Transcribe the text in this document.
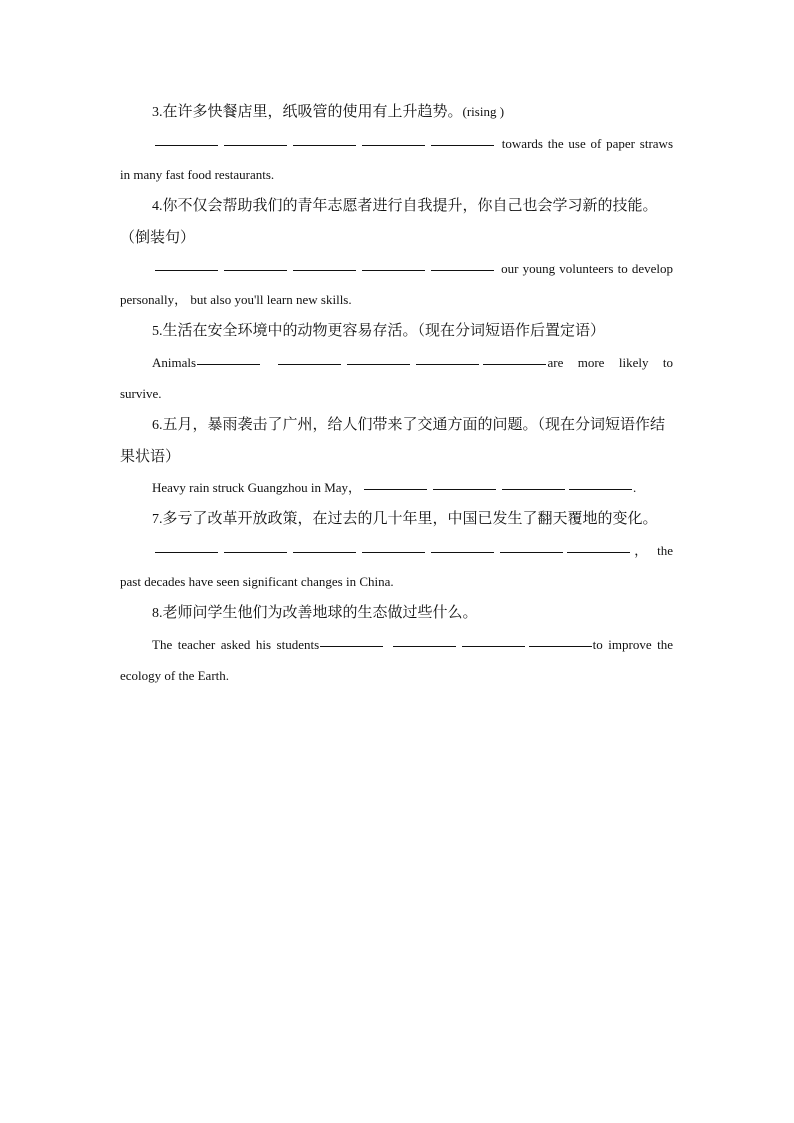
3.在许多快餐店里，纸吸管的使用有上升趋势。(rising )

towards the use of paper straws in many fast food restaurants.

4.你不仅会帮助我们的青年志愿者进行自我提升，你自己也会学习新的技能。（倒装句）

our young volunteers to develop personally， but also you'll learn new skills.

5.生活在安全环境中的动物更容易存活。（现在分词短语作后置定语）

Animals	are more likely to survive.

6.五月，暴雨袭击了广州，给人们带来了交通方面的问题。（现在分词短语作结果状语）

Heavy rain struck Guangzhou in May，	.

7.多亏了改革开放政策，在过去的几十年里，中国已发生了翻天覆地的变化。

， the past decades have seen significant changes in China.

8.老师问学生他们为改善地球的生态做过些什么。

The teacher asked his students	to improve the ecology of the Earth.
